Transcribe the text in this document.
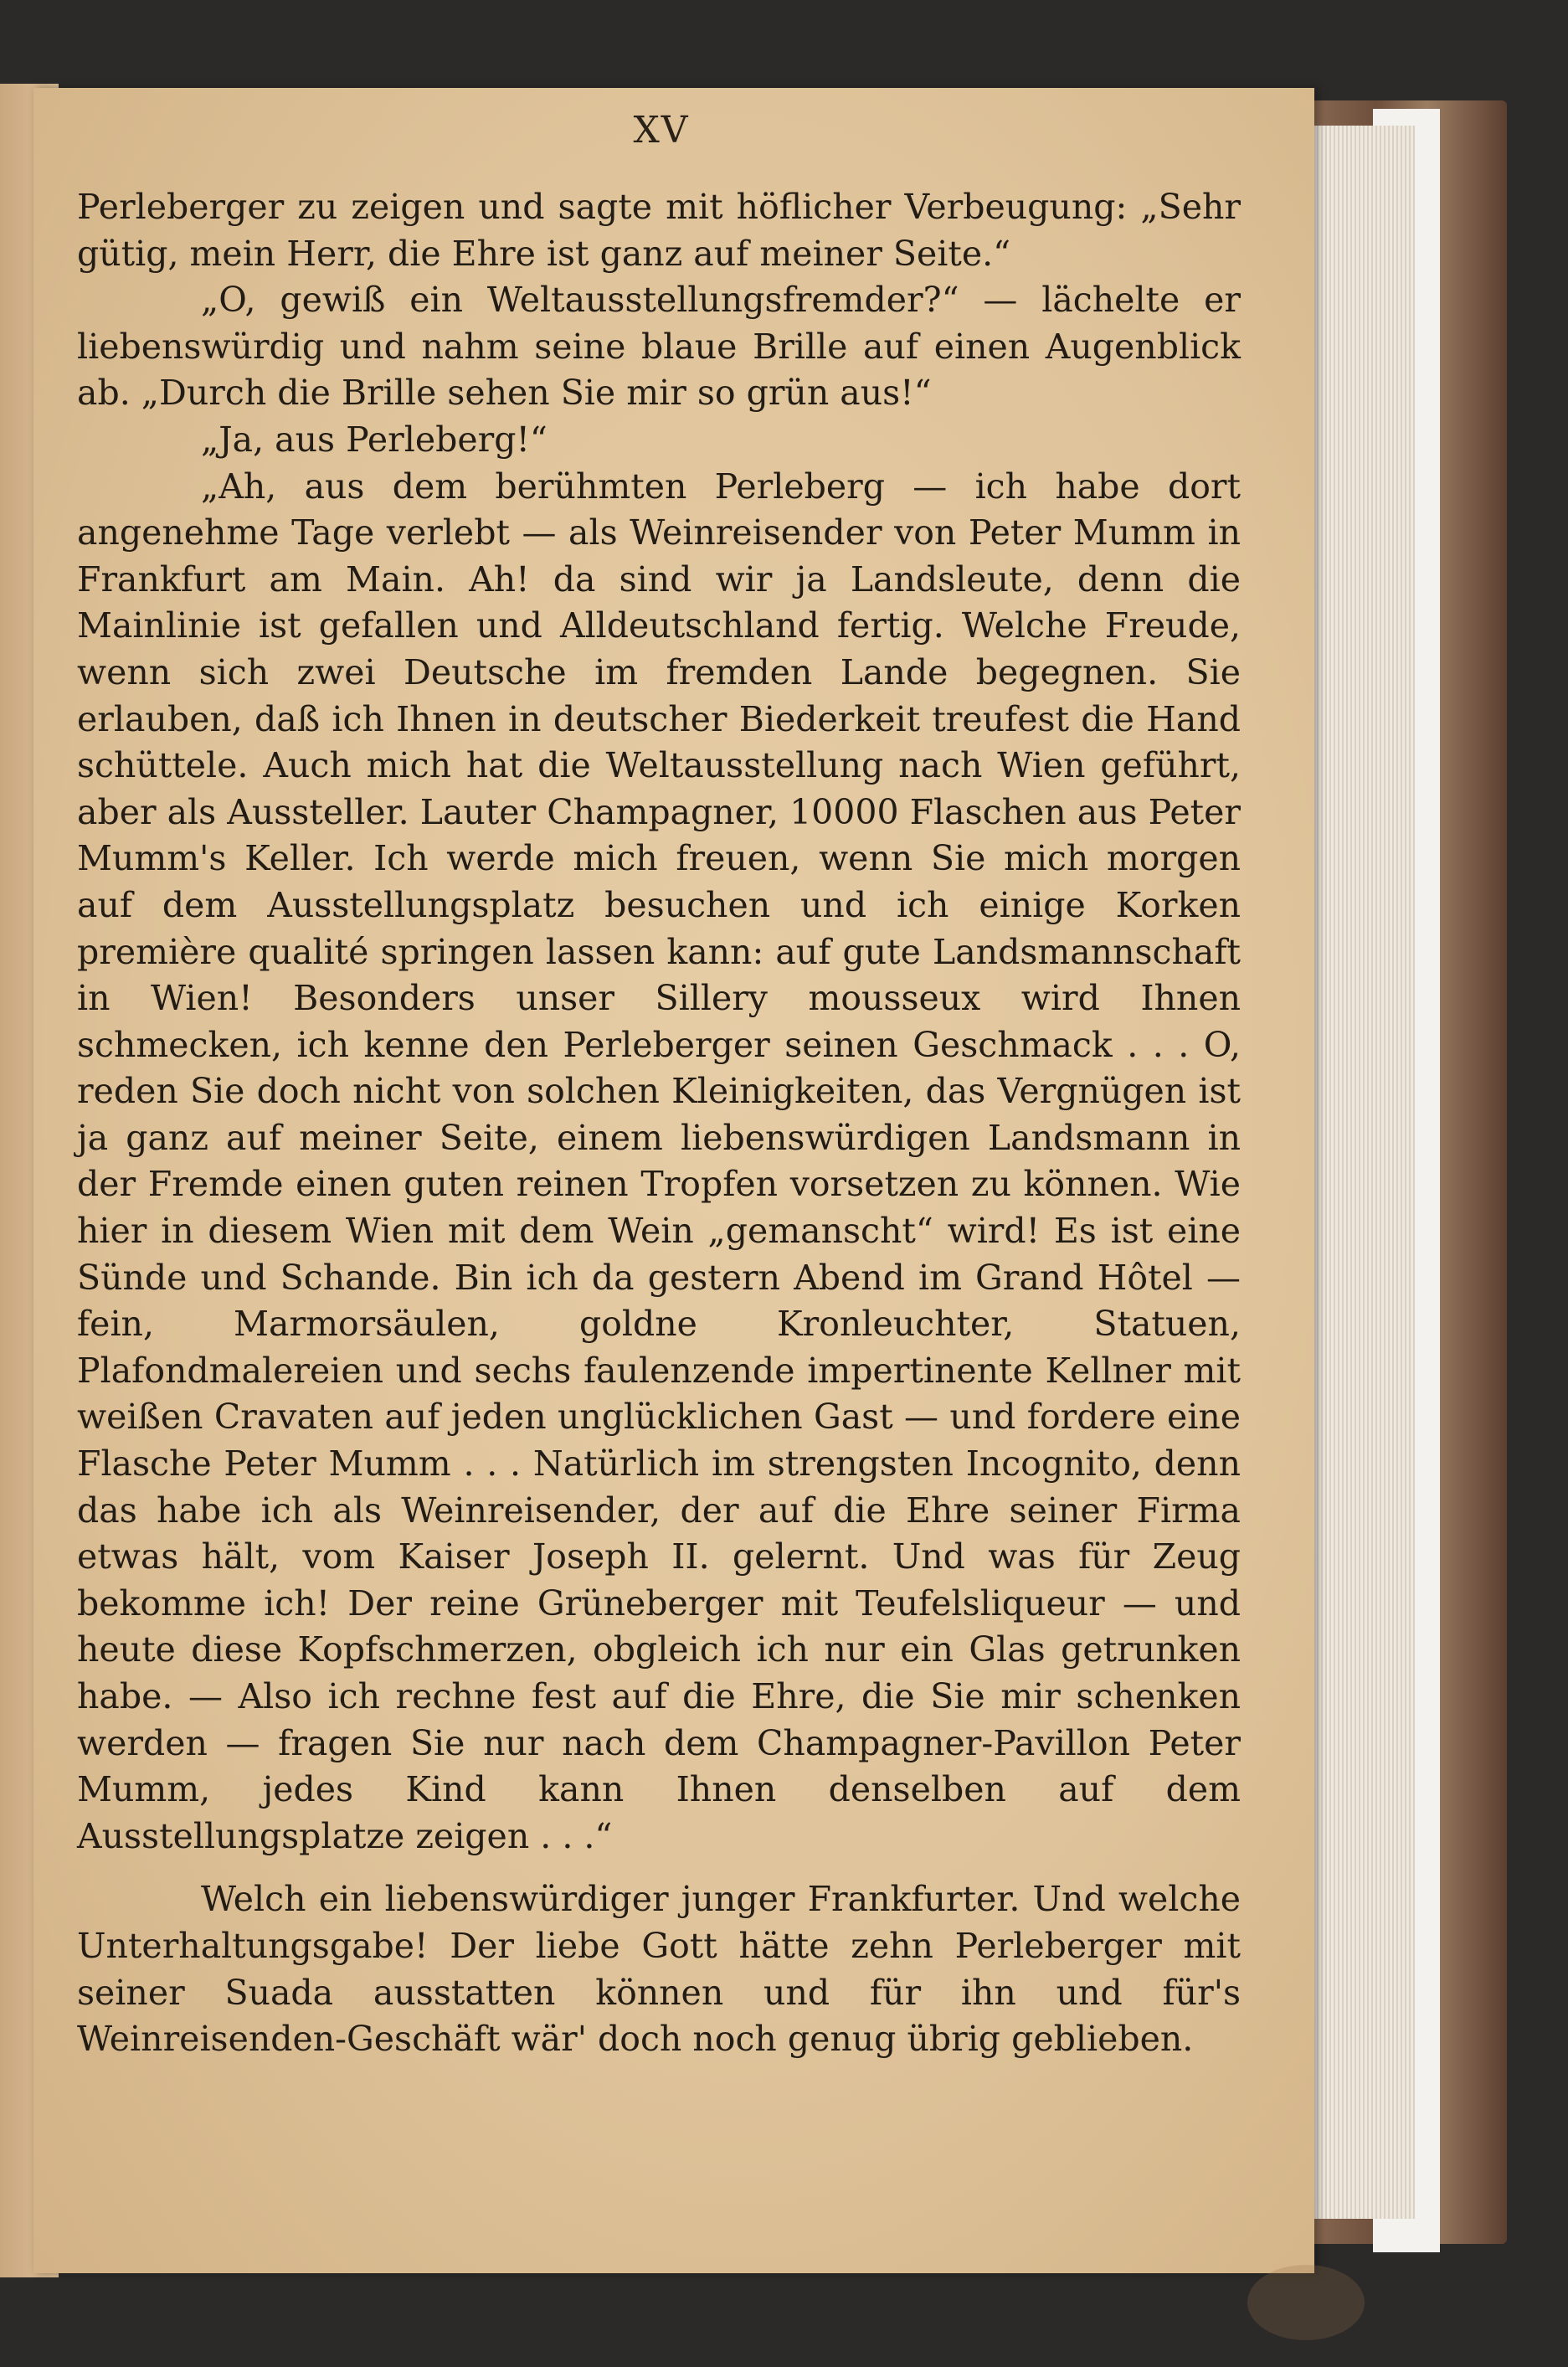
XV

Perleberger zu zeigen und sagte mit höflicher Verbeugung: „Sehr gütig, mein Herr, die Ehre ist ganz auf meiner Seite.“

„O, gewiß ein Weltausstellungsfremder?“ — lächelte er liebenswürdig und nahm seine blaue Brille auf einen Augenblick ab. „Durch die Brille sehen Sie mir so grün aus!“

„Ja, aus Perleberg!“

„Ah, aus dem berühmten Perleberg — ich habe dort angenehme Tage verlebt — als Weinreisender von Peter Mumm in Frankfurt am Main. Ah! da sind wir ja Landsleute, denn die Mainlinie ist gefallen und Alldeutschland fertig. Welche Freude, wenn sich zwei Deutsche im fremden Lande begegnen. Sie erlauben, daß ich Ihnen in deutscher Biederkeit treufest die Hand schüttele. Auch mich hat die Weltausstellung nach Wien geführt, aber als Aussteller. Lauter Champagner, 10000 Flaschen aus Peter Mumm's Keller. Ich werde mich freuen, wenn Sie mich morgen auf dem Ausstellungsplatz besuchen und ich einige Korken première qualité springen lassen kann: auf gute Landsmannschaft in Wien! Besonders unser Sillery mousseux wird Ihnen schmecken, ich kenne den Perleberger seinen Geschmack . . . O, reden Sie doch nicht von solchen Kleinigkeiten, das Vergnügen ist ja ganz auf meiner Seite, einem liebenswürdigen Landsmann in der Fremde einen guten reinen Tropfen vorsetzen zu können. Wie hier in diesem Wien mit dem Wein „gemanscht“ wird! Es ist eine Sünde und Schande. Bin ich da gestern Abend im Grand Hôtel — fein, Marmorsäulen, goldne Kronleuchter, Statuen, Plafondmalereien und sechs faulenzende impertinente Kellner mit weißen Cravaten auf jeden unglücklichen Gast — und fordere eine Flasche Peter Mumm . . . Natürlich im strengsten Incognito, denn das habe ich als Weinreisender, der auf die Ehre seiner Firma etwas hält, vom Kaiser Joseph II. gelernt. Und was für Zeug bekomme ich! Der reine Grüneberger mit Teufelsliqueur — und heute diese Kopfschmerzen, obgleich ich nur ein Glas getrunken habe. — Also ich rechne fest auf die Ehre, die Sie mir schenken werden — fragen Sie nur nach dem Champagner-Pavillon Peter Mumm, jedes Kind kann Ihnen denselben auf dem Ausstellungsplatze zeigen . . .“

Welch ein liebenswürdiger junger Frankfurter. Und welche Unterhaltungsgabe! Der liebe Gott hätte zehn Perleberger mit seiner Suada ausstatten können und für ihn und für's Weinreisenden-Geschäft wär' doch noch genug übrig geblieben.
